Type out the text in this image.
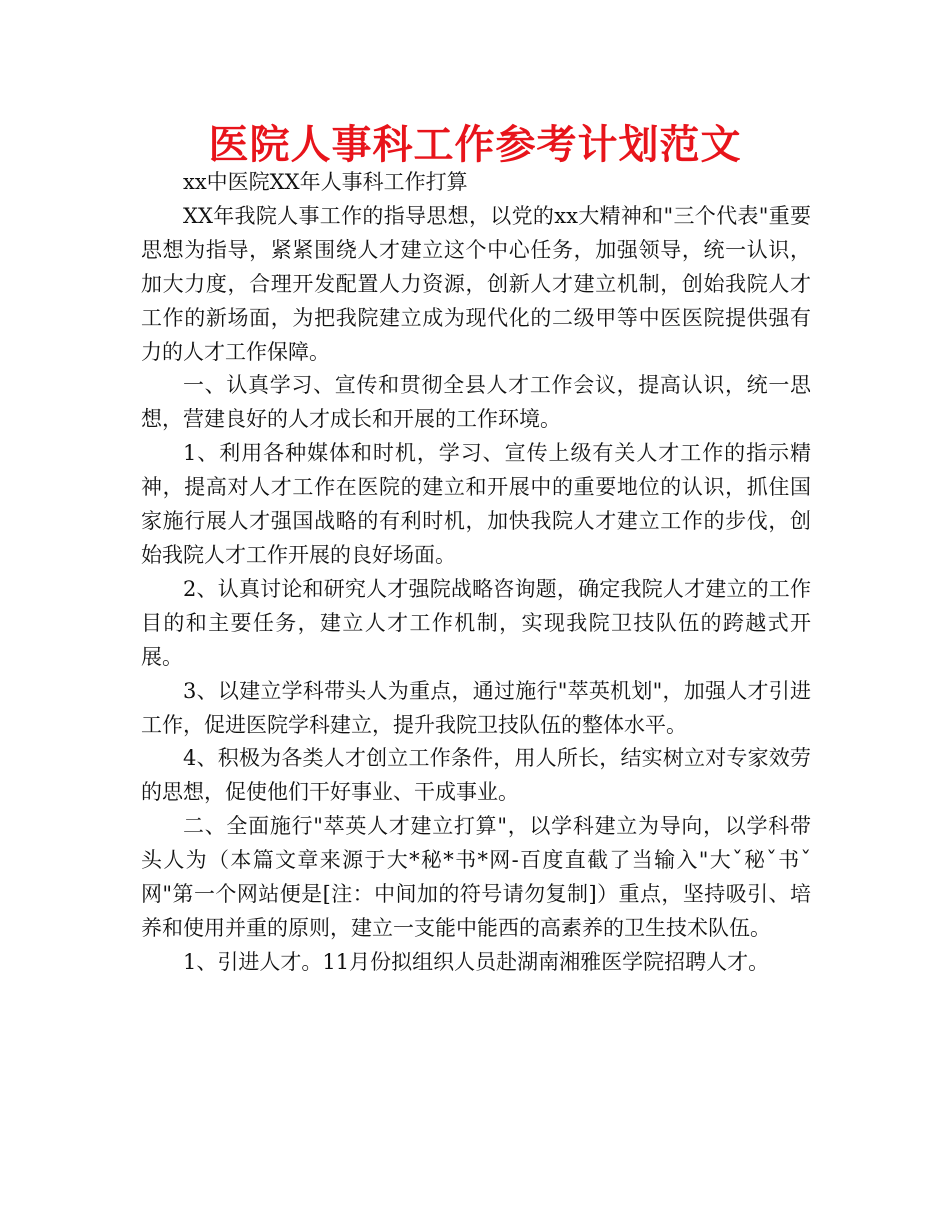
医院人事科工作参考计划范文

xx中医院XX年人事科工作打算

XX年我院人事工作的指导思想，以党的xx大精神和"三个代表"重要思想为指导，紧紧围绕人才建立这个中心任务，加强领导，统一认识，加大力度，合理开发配置人力资源，创新人才建立机制，创始我院人才工作的新场面，为把我院建立成为现代化的二级甲等中医医院提供强有力的人才工作保障。

一、认真学习、宣传和贯彻全县人才工作会议，提高认识，统一思想，营建良好的人才成长和开展的工作环境。

1、利用各种媒体和时机，学习、宣传上级有关人才工作的指示精神，提高对人才工作在医院的建立和开展中的重要地位的认识，抓住国家施行展人才强国战略的有利时机，加快我院人才建立工作的步伐，创始我院人才工作开展的良好场面。

2、认真讨论和研究人才强院战略咨询题，确定我院人才建立的工作目的和主要任务，建立人才工作机制，实现我院卫技队伍的跨越式开展。

3、以建立学科带头人为重点，通过施行"萃英机划"，加强人才引进工作，促进医院学科建立，提升我院卫技队伍的整体水平。

4、积极为各类人才创立工作条件，用人所长，结实树立对专家效劳的思想，促使他们干好事业、干成事业。

二、全面施行"萃英人才建立打算"，以学科建立为导向，以学科带头人为（本篇文章来源于大*秘*书*网-百度直截了当输入"大ˇ秘ˇ书ˇ网"第一个网站便是[注：中间加的符号请勿复制]）重点，坚持吸引、培养和使用并重的原则，建立一支能中能西的高素养的卫生技术队伍。

1、引进人才。11月份拟组织人员赴湖南湘雅医学院招聘人才。
